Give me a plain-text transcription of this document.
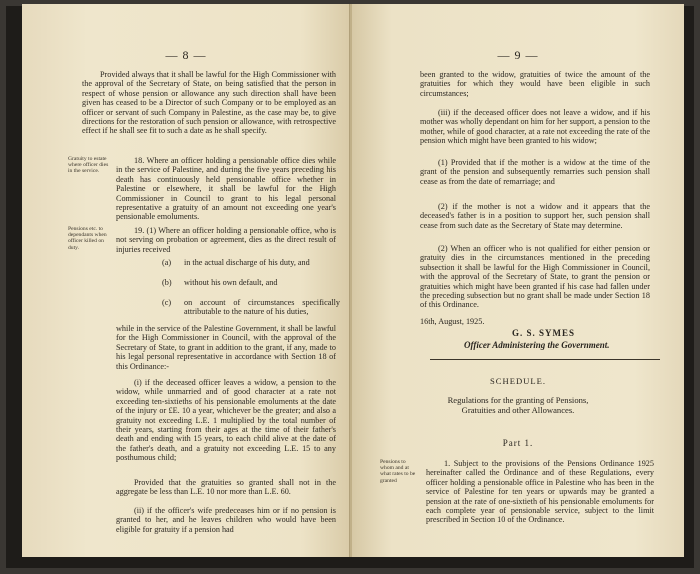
— 8 —

Provided always that it shall be lawful for the High Commissioner with the approval of the Secretary of State, on being satisfied that the person in respect of whose pension or allowance any such direction shall have been given has ceased to be a Director of such Company or to be employed as an officer or servant of such Company in Palestine, as the case may be, to give directions for the restoration of such pension or allowance, with retrospective effect if he shall see fit to such a date as he shall specify.

Gratuity to estate where officer dies in the service.

18. Where an officer holding a pensionable office dies while in the service of Palestine, and during the five years preceding his death has continuously held pensionable office whether in Palestine or elsewhere, it shall be lawful for the High Commissioner in Council to grant to his legal personal representative a gratuity of an amount not exceeding one year's pensionable emoluments.

Pensions etc. to dependants when officer killed on duty.

19. (1) Where an officer holding a pensionable office, who is not serving on probation or agreement, dies as the direct result of injuries received

(a) in the actual discharge of his duty, and
(b) without his own default, and
(c)	on account of circumstances specifically attributable to the nature of his duties,

while in the service of the Palestine Government, it shall be lawful for the High Commissioner in Council, with the approval of the Secretary of State, to grant in addition to the grant, if any, made to his legal personal representative in accordance with Section 18 of this Ordinance:-

(i) if the deceased officer leaves a widow, a pension to the widow, while unmarried and of good character at a rate not exceeding ten-sixtieths of his pensionable emoluments at the date of the injury or £E. 10 a year, whichever be the greater; and also a gratuity not exceeding L.E. 1 multiplied by the total number of their years, starting from their ages at the time of their father's death and ending with 15 years, to each child alive at the date of the father's death, and a gratuity not exceeding L.E. 15 to any posthumous child;

Provided that the gratuities so granted shall not in the aggregate be less than L.E. 10 nor more than L.E. 60.

(ii) if the officer's wife predeceases him or if no pension is granted to her, and he leaves children who would have been eligible for gratuity if a pension had

— 9 —

been granted to the widow, gratuities of twice the amount of the gratuities for which they would have been eligible in such circumstances;

(iii) if the deceased officer does not leave a widow, and if his mother was wholly dependant on him for her support, a pension to the mother, while of good character, at a rate not exceeding the rate of the pension which might have been granted to his widow;

(1) Provided that if the mother is a widow at the time of the grant of the pension and subsequently remarries such pension shall cease as from the date of remarriage; and

(2) if the mother is not a widow and it appears that the deceased's father is in a position to support her, such pension shall cease from such date as the Secretary of State may determine.

(2) When an officer who is not qualified for either pension or gratuity dies in the circumstances mentioned in the preceding subsection it shall be lawful for the High Commissioner in Council, with the approval of the Secretary of State, to grant the pension or gratuities which might have been granted if his case had fallen under the preceding subsection but no grant shall be made under Section 18 of this Ordinance.

16th, August, 1925.
G. S. SYMES
Officer Administering the Government.
SCHEDULE.
Regulations for the granting of Pensions,
Gratuities and other Allowances.
Part 1.
Pensions to whom and at what rates to be granted

1. Subject to the provisions of the Pensions Ordinance 1925 hereinafter called the Ordinance and of these Regulations, every officer holding a pensionable office in Palestine who has been in the service of Palestine for ten years or upwards may be granted a pension at the rate of one-sixtieth of his pensionable emoluments for each complete year of pensionable service, subject to the limit prescribed in Section 10 of the Ordinance.
